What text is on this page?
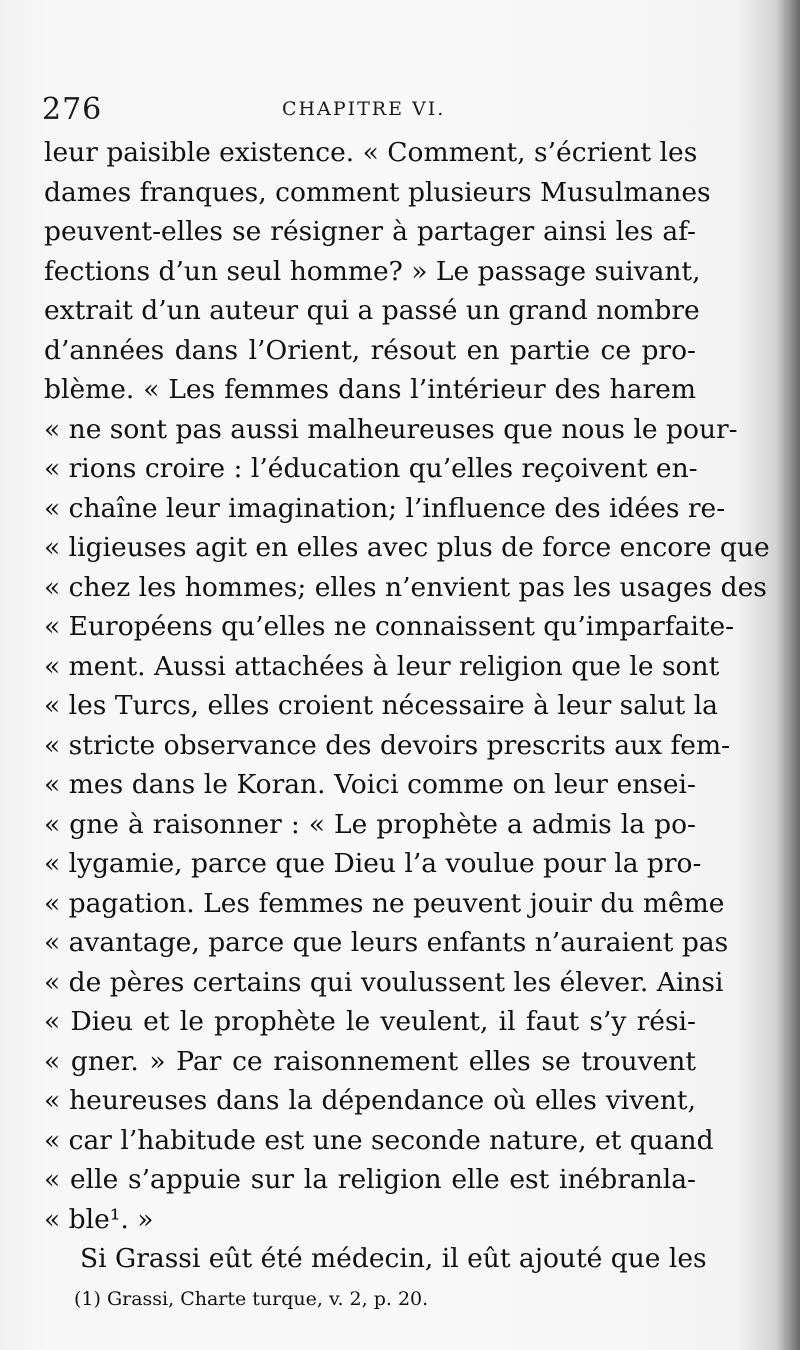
276	CHAPITRE VI.
leur paisible existence. « Comment, s’écrient les
dames franques, comment plusieurs Musulmanes
peuvent-elles se résigner à partager ainsi les af-
fections d’un seul homme? » Le passage suivant,
extrait d’un auteur qui a passé un grand nombre
d’années dans l’Orient, résout en partie ce pro-
blème. « Les femmes dans l’intérieur des harem
« ne sont pas aussi malheureuses que nous le pour-
« rions croire : l’éducation qu’elles reçoivent en-
« chaîne leur imagination; l’influence des idées re-
« ligieuses agit en elles avec plus de force encore que
« chez les hommes; elles n’envient pas les usages des
« Européens qu’elles ne connaissent qu’imparfaite-
« ment. Aussi attachées à leur religion que le sont
« les Turcs, elles croient nécessaire à leur salut la
« stricte observance des devoirs prescrits aux fem-
« mes dans le Koran. Voici comme on leur ensei-
« gne à raisonner : « Le prophète a admis la po-
« lygamie, parce que Dieu l’a voulue pour la pro-
« pagation. Les femmes ne peuvent jouir du même
« avantage, parce que leurs enfants n’auraient pas
« de pères certains qui voulussent les élever. Ainsi
« Dieu et le prophète le veulent, il faut s’y rési-
« gner. » Par ce raisonnement elles se trouvent
« heureuses dans la dépendance où elles vivent,
« car l’habitude est une seconde nature, et quand
« elle s’appuie sur la religion elle est inébranla-
« ble¹. »
Si Grassi eût été médecin, il eût ajouté que les
(1) Grassi, Charte turque, v. 2, p. 20.
